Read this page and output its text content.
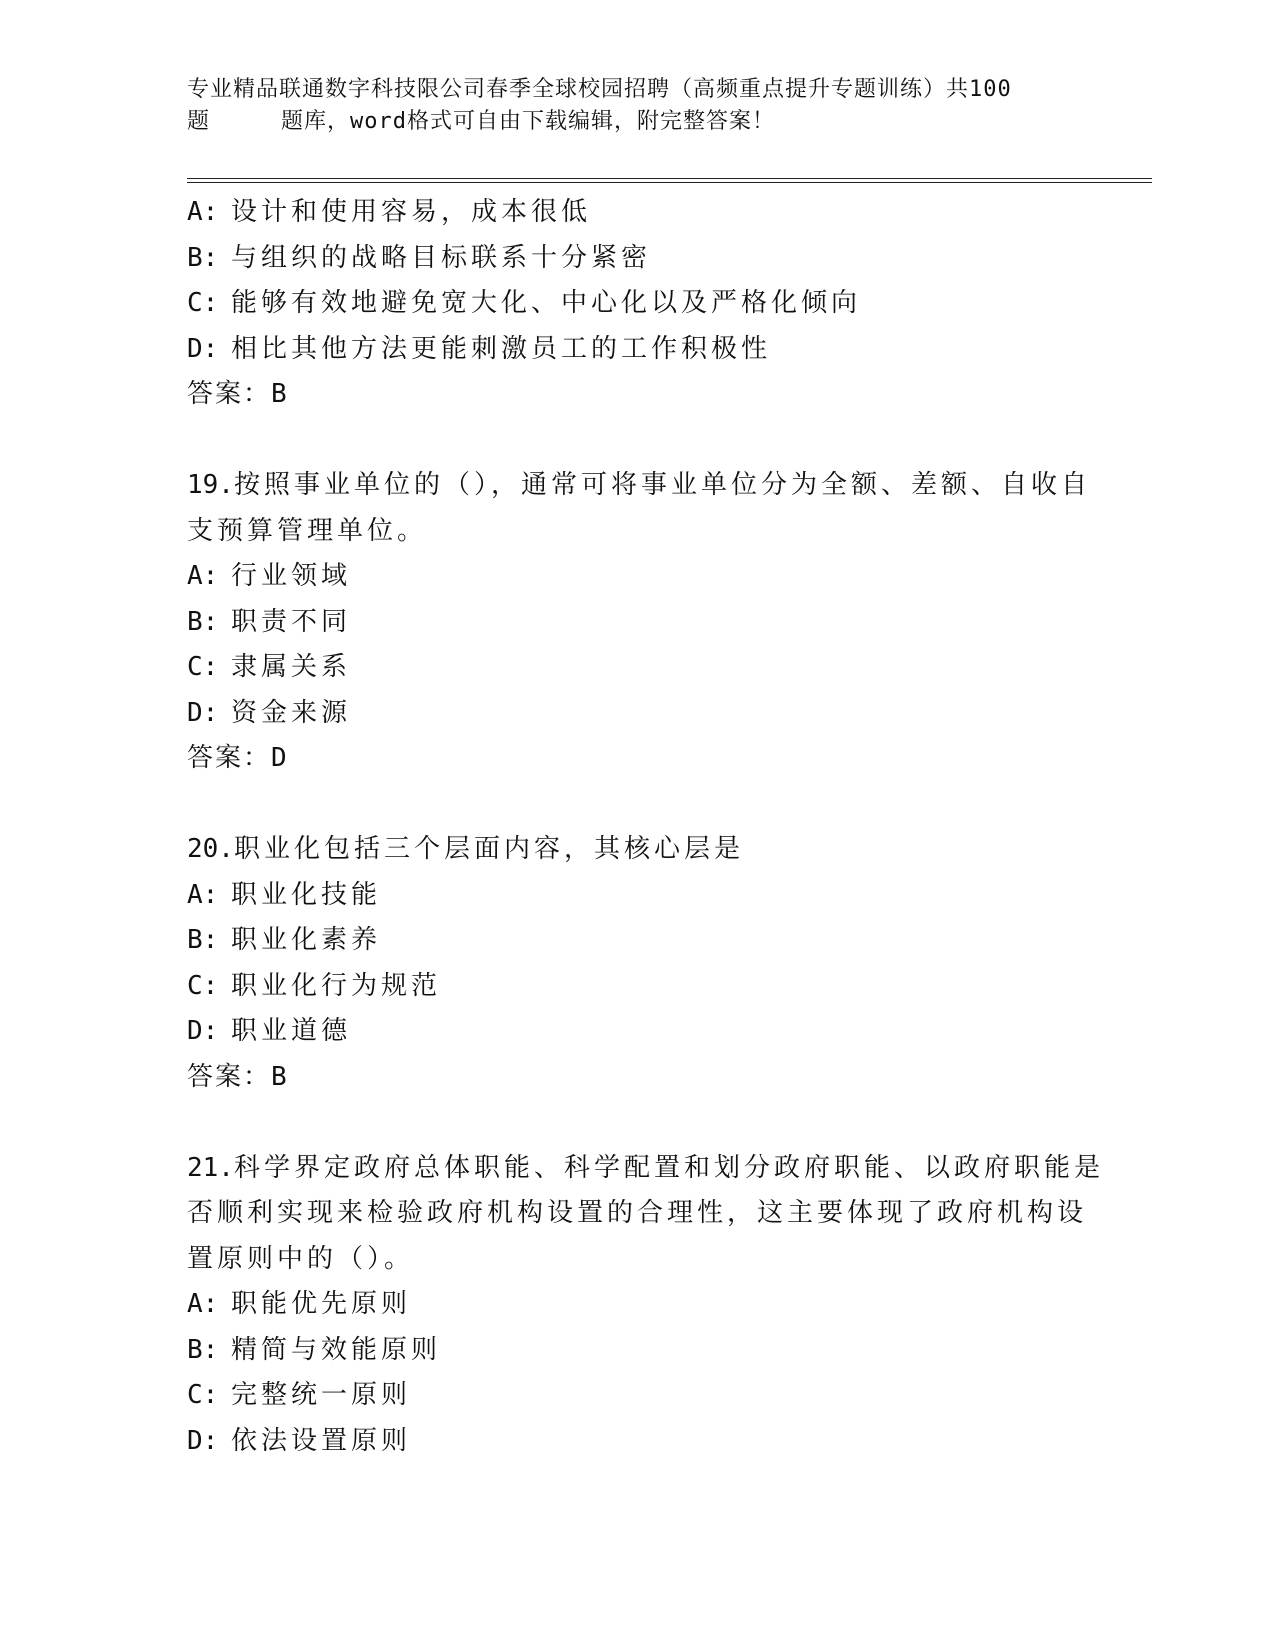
专业精品联通数字科技限公司春季全球校园招聘（高频重点提升专题训练）共100
题	题库，word格式可自由下载编辑，附完整答案！
A: 设计和使用容易，成本很低
B: 与组织的战略目标联系十分紧密
C: 能够有效地避免宽大化、中心化以及严格化倾向
D: 相比其他方法更能刺激员工的工作积极性
答案：B
19.按照事业单位的（），通常可将事业单位分为全额、差额、自收自
支预算管理单位。
A: 行业领域
B: 职责不同
C: 隶属关系
D: 资金来源
答案：D
20.职业化包括三个层面内容，其核心层是
A: 职业化技能
B: 职业化素养
C: 职业化行为规范
D: 职业道德
答案：B
21.科学界定政府总体职能、科学配置和划分政府职能、以政府职能是
否顺利实现来检验政府机构设置的合理性，这主要体现了政府机构设
置原则中的（）。
A: 职能优先原则
B: 精简与效能原则
C: 完整统一原则
D: 依法设置原则
